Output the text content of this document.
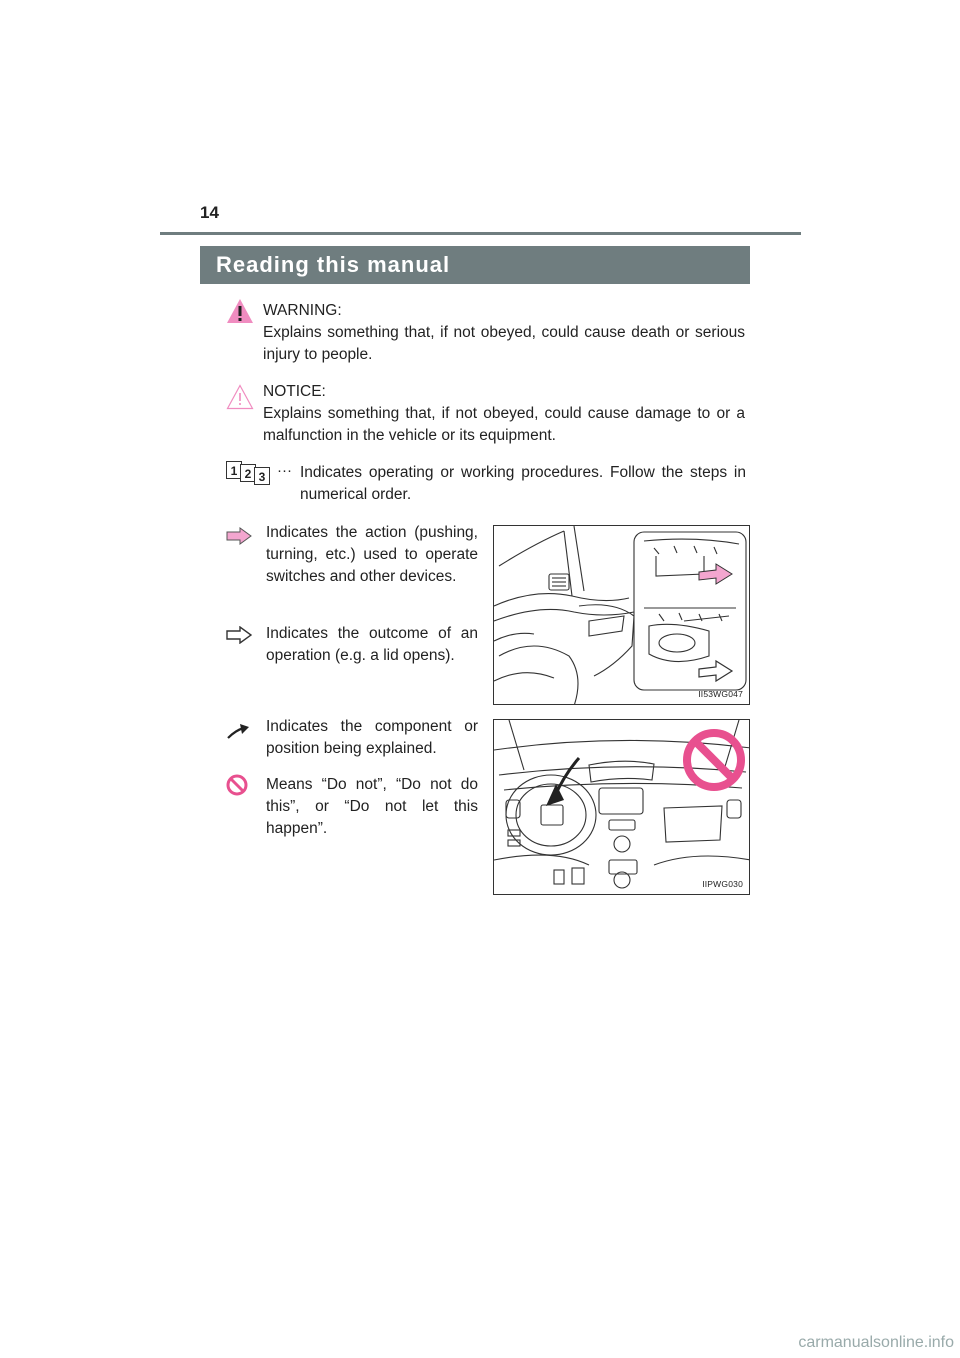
14
Reading this manual
WARNING:
Explains something that, if not obeyed, could cause death or serious injury to people.
NOTICE:
Explains something that, if not obeyed, could cause damage to or a malfunction in the vehicle or its equipment.
1 2 3 ··· Indicates operating or working procedures. Follow the steps in numerical order.
Indicates the action (pushing, turning, etc.) used to operate switches and other devices.
Indicates the outcome of an operation (e.g. a lid opens).
II53WG047
Indicates the component or position being explained.
Means “Do not”, “Do not do this”, or “Do not let this happen”.
IIPWG030
carmanualsonline.info
